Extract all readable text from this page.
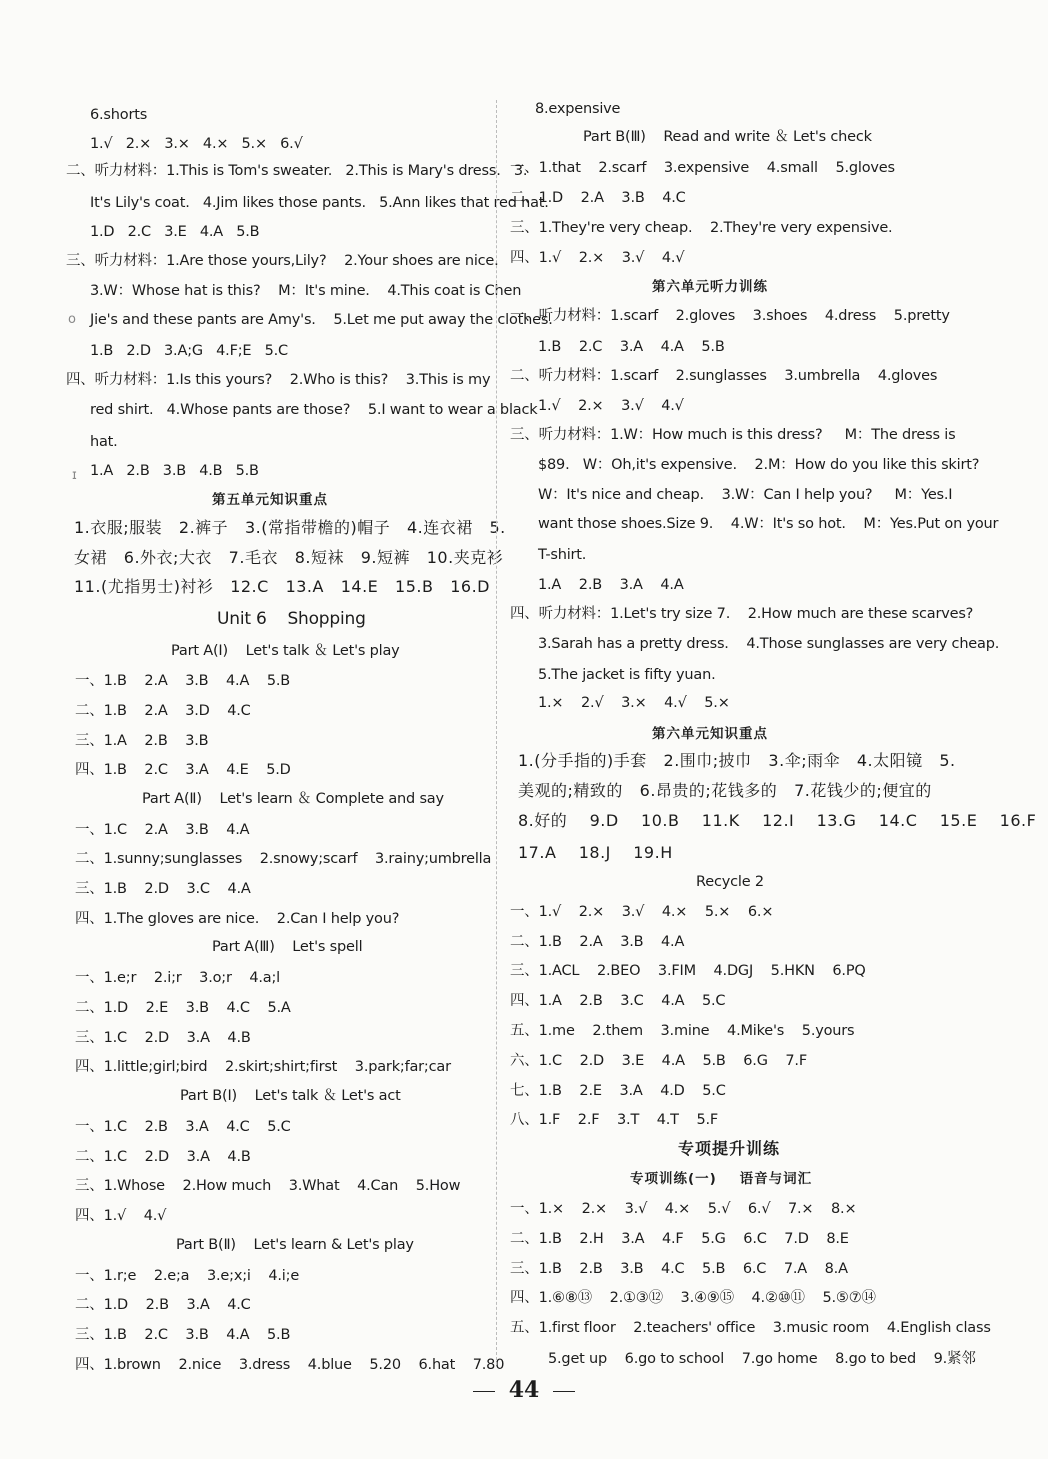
6.shorts
1.√   2.×   3.×   4.×   5.×   6.√
二、听力材料：1.This is Tom's sweater.   2.This is Mary's dress.   3.
It's Lily's coat.   4.Jim likes those pants.   5.Ann likes that red hat.
1.D   2.C   3.E   4.A   5.B
三、听力材料：1.Are those yours,Lily?    2.Your shoes are nice.
3.W：Whose hat is this?    M：It's mine.    4.This coat is Chen
Jie's and these pants are Amy's.    5.Let me put away the clothes.
1.B   2.D   3.A;G   4.F;E   5.C
四、听力材料：1.Is this yours?    2.Who is this?    3.This is my
red shirt.   4.Whose pants are those?    5.I want to wear a black
hat.
1.A   2.B   3.B   4.B   5.B
第五单元知识重点
1.衣服;服装   2.裤子   3.(常指带檐的)帽子   4.连衣裙   5.
女裙   6.外衣;大衣   7.毛衣   8.短袜   9.短裤   10.夹克衫
11.(尤指男士)衬衫   12.C   13.A   14.E   15.B   16.D
Unit 6    Shopping
Part A(Ⅰ)    Let's talk ＆ Let's play
一、1.B    2.A    3.B    4.A    5.B
二、1.B    2.A    3.D    4.C
三、1.A    2.B    3.B
四、1.B    2.C    3.A    4.E    5.D
Part A(Ⅱ)    Let's learn ＆ Complete and say
一、1.C    2.A    3.B    4.A
二、1.sunny;sunglasses    2.snowy;scarf    3.rainy;umbrella
三、1.B    2.D    3.C    4.A
四、1.The gloves are nice.    2.Can I help you?
Part A(Ⅲ)    Let's spell
一、1.e;r    2.i;r    3.o;r    4.a;l
二、1.D    2.E    3.B    4.C    5.A
三、1.C    2.D    3.A    4.B
四、1.little;girl;bird    2.skirt;shirt;first    3.park;far;car
Part B(Ⅰ)    Let's talk ＆ Let's act
一、1.C    2.B    3.A    4.C    5.C
二、1.C    2.D    3.A    4.B
三、1.Whose    2.How much    3.What    4.Can    5.How
四、1.√    4.√
Part B(Ⅱ)    Let's learn & Let's play
一、1.r;e    2.e;a    3.e;x;i    4.i;e
二、1.D    2.B    3.A    4.C
三、1.B    2.C    3.B    4.A    5.B
四、1.brown    2.nice    3.dress    4.blue    5.20    6.hat    7.80
8.expensive
Part B(Ⅲ)    Read and write ＆ Let's check
一、1.that    2.scarf    3.expensive    4.small    5.gloves
二、1.D    2.A    3.B    4.C
三、1.They're very cheap.    2.They're very expensive.
四、1.√    2.×    3.√    4.√
第六单元听力训练
一、听力材料：1.scarf    2.gloves    3.shoes    4.dress    5.pretty
1.B    2.C    3.A    4.A    5.B
二、听力材料：1.scarf    2.sunglasses    3.umbrella    4.gloves
1.√    2.×    3.√    4.√
三、听力材料：1.W：How much is this dress?     M：The dress is
$89.   W：Oh,it's expensive.    2.M：How do you like this skirt?
W：It's nice and cheap.    3.W：Can I help you?     M：Yes.I
want those shoes.Size 9.    4.W：It's so hot.    M：Yes.Put on your
T-shirt.
1.A    2.B    3.A    4.A
四、听力材料：1.Let's try size 7.    2.How much are these scarves?
3.Sarah has a pretty dress.    4.Those sunglasses are very cheap.
5.The jacket is fifty yuan.
1.×    2.√    3.×    4.√    5.×
第六单元知识重点
1.(分手指的)手套   2.围巾;披巾   3.伞;雨伞   4.太阳镜   5.
美观的;精致的   6.昂贵的;花钱多的   7.花钱少的;便宜的
8.好的    9.D    10.B    11.K    12.I    13.G    14.C    15.E    16.F
17.A    18.J    19.H
Recycle 2
一、1.√    2.×    3.√    4.×    5.×    6.×
二、1.B    2.A    3.B    4.A
三、1.ACL    2.BEO    3.FIM    4.DGJ    5.HKN    6.PQ
四、1.A    2.B    3.C    4.A    5.C
五、1.me    2.them    3.mine    4.Mike's    5.yours
六、1.C    2.D    3.E    4.A    5.B    6.G    7.F
七、1.B    2.E    3.A    4.D    5.C
八、1.F    2.F    3.T    4.T    5.F
专项提升训练
专项训练(一)    语音与词汇
一、1.×    2.×    3.√    4.×    5.√    6.√    7.×    8.×
二、1.B    2.H    3.A    4.F    5.G    6.C    7.D    8.E
三、1.B    2.B    3.B    4.C    5.B    6.C    7.A    8.A
四、1.⑥⑧⑬    2.①③⑫    3.④⑨⑮    4.②⑩⑪    5.⑤⑦⑭
五、1.first floor    2.teachers' office    3.music room    4.English class
5.get up    6.go to school    7.go home    8.go to bed    9.紧邻
44
o
ɪ
